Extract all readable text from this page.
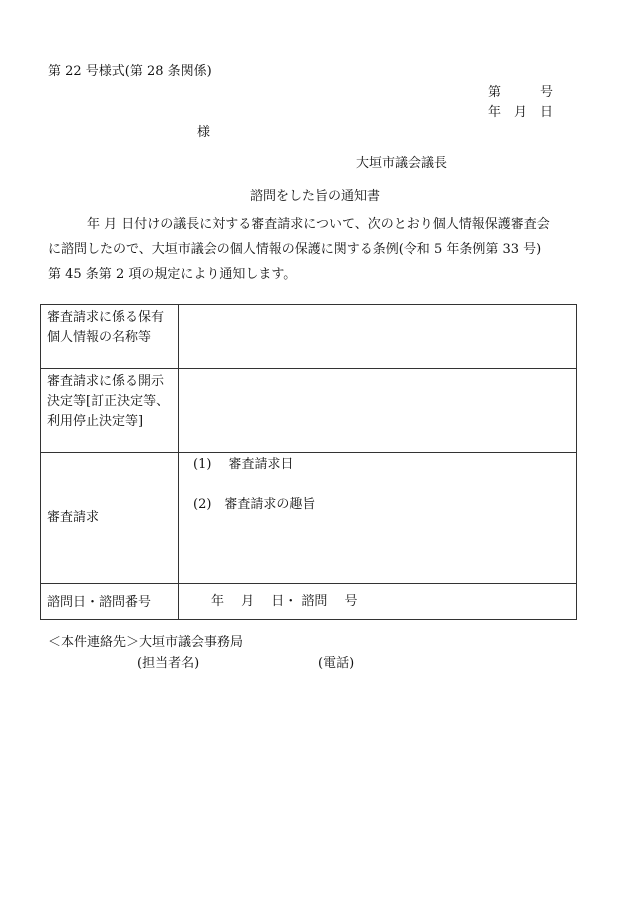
第 22 号様式(第 28 条関係)
第　　　号
年　月　日
様
大垣市議会議長
諮問をした旨の通知書
　　　年 月 日付けの議長に対する審査請求について、次のとおり個人情報保護審査会
に諮問したので、大垣市議会の個人情報の保護に関する条例(令和 5 年条例第 33 号)
第 45 条第 2 項の規定により通知します。
審査請求に係る保有個人情報の名称等	
審査請求に係る開示決定等[訂正決定等、利用停止決定等]	
審査請求	(1)　 審査請求日
(2)　審査請求の趣旨

諮問日・諮問番号	年　 月　 日・ 諮問　 号
＜本件連絡先＞大垣市議会事務局
(担当者名)	(電話)
